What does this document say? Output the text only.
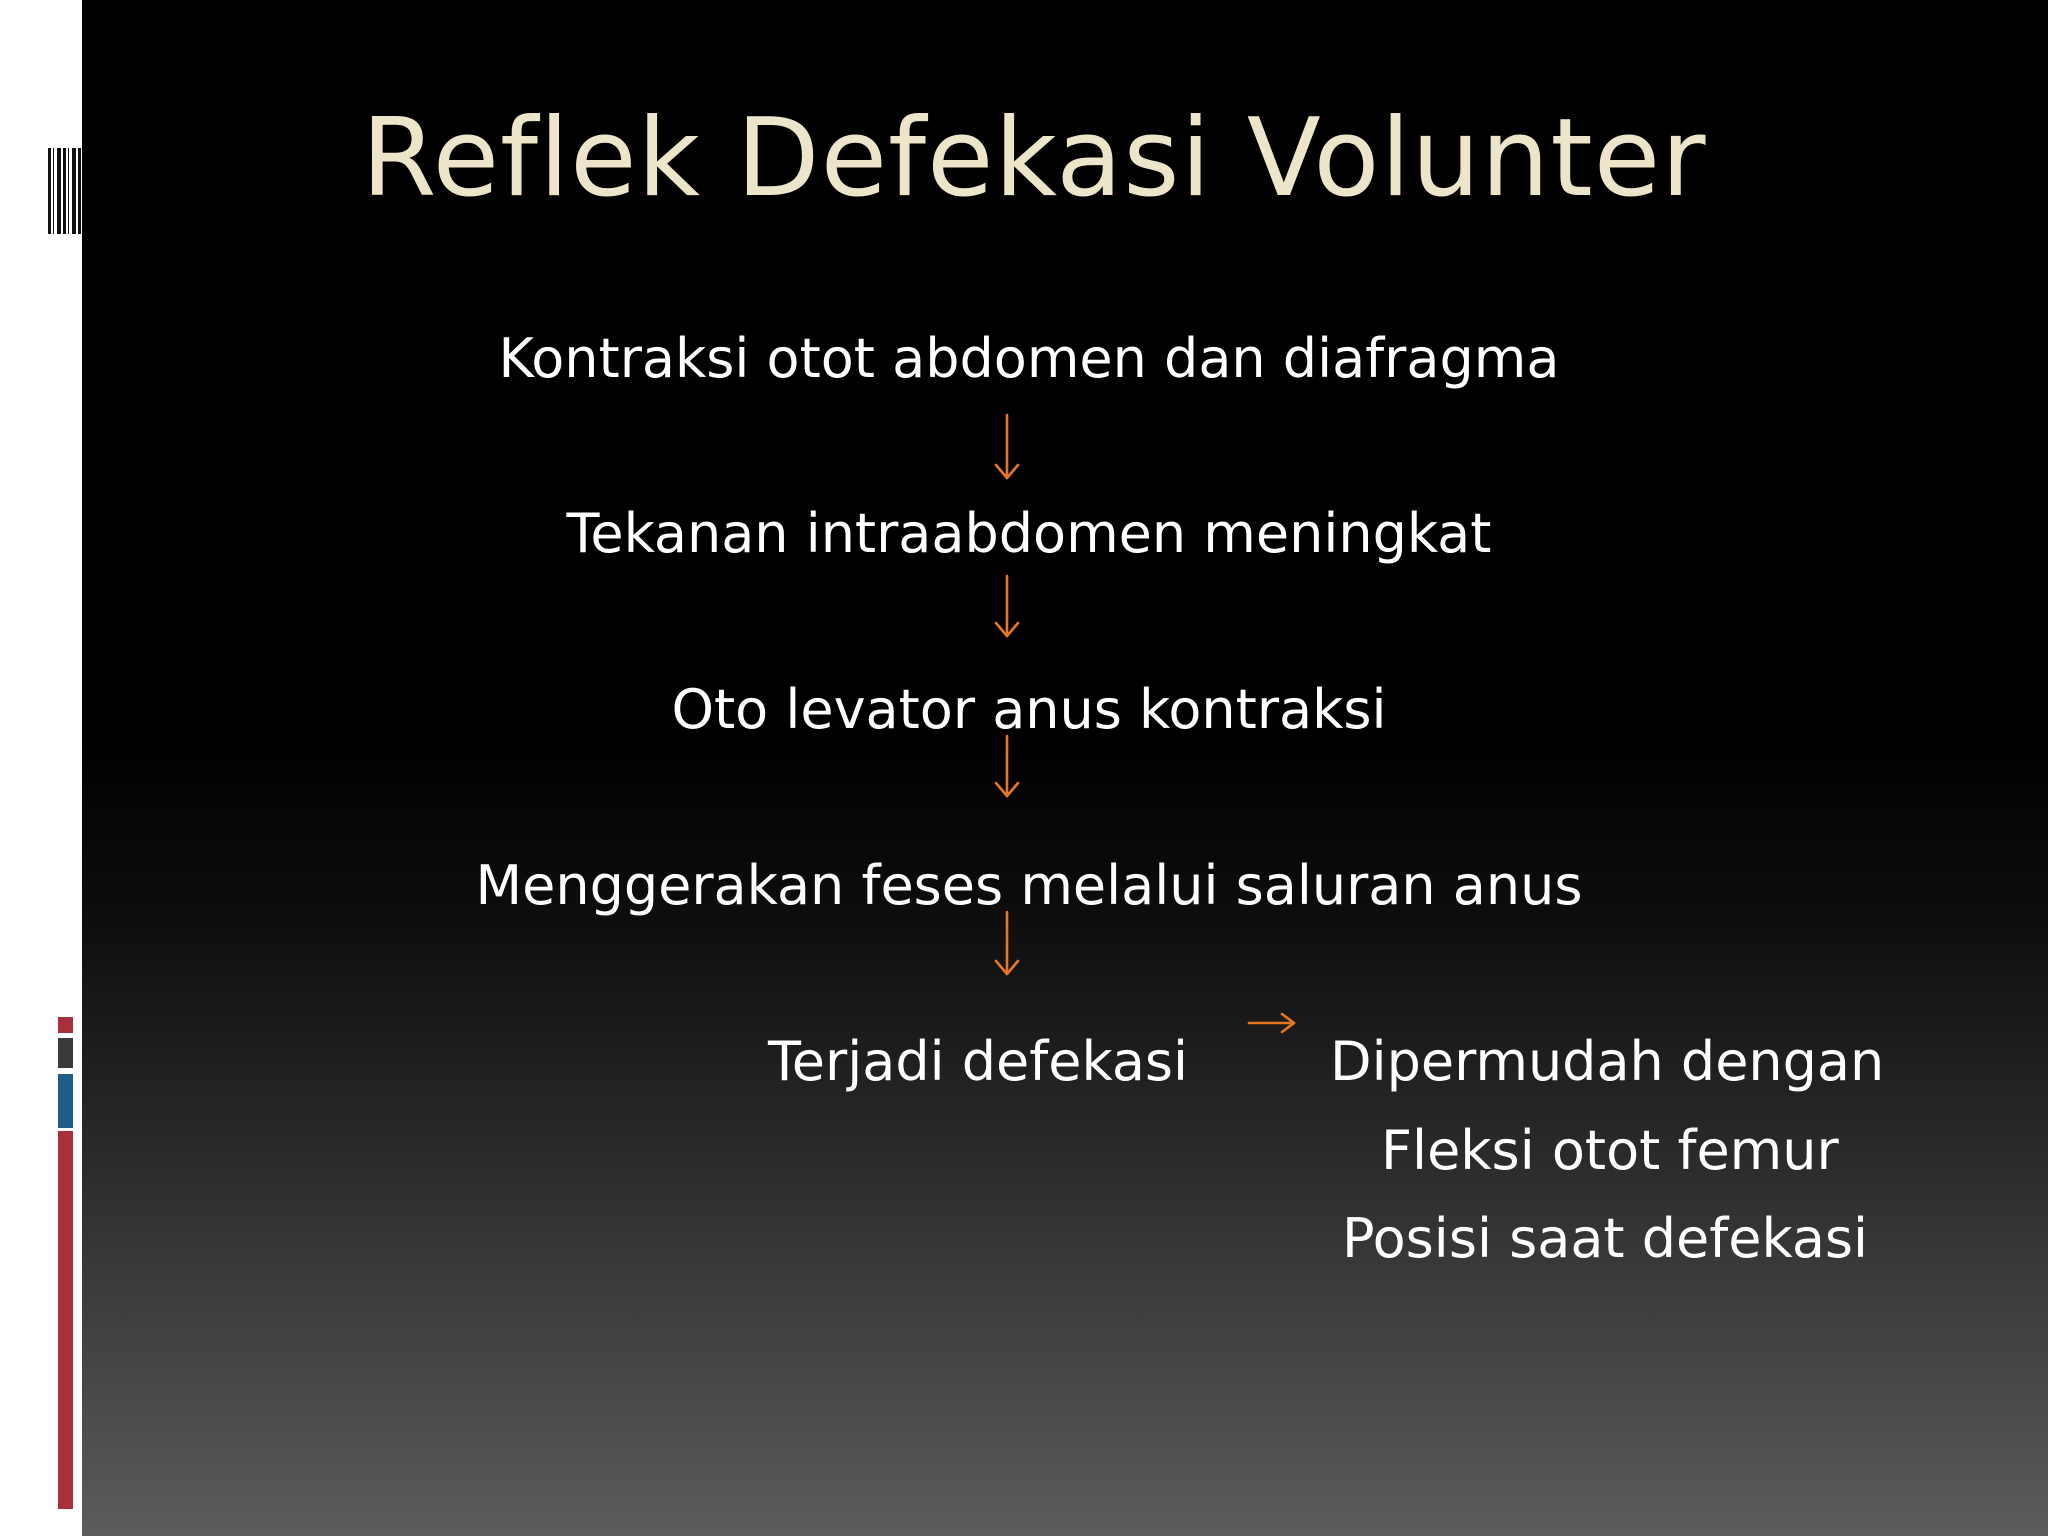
Reflek Defekasi Volunter
Kontraksi otot abdomen dan diafragma
Tekanan intraabdomen meningkat
Oto levator anus kontraksi
Menggerakan feses melalui saluran anus
Terjadi defekasi	Dipermudah dengan
Fleksi otot femur
Posisi saat defekasi
